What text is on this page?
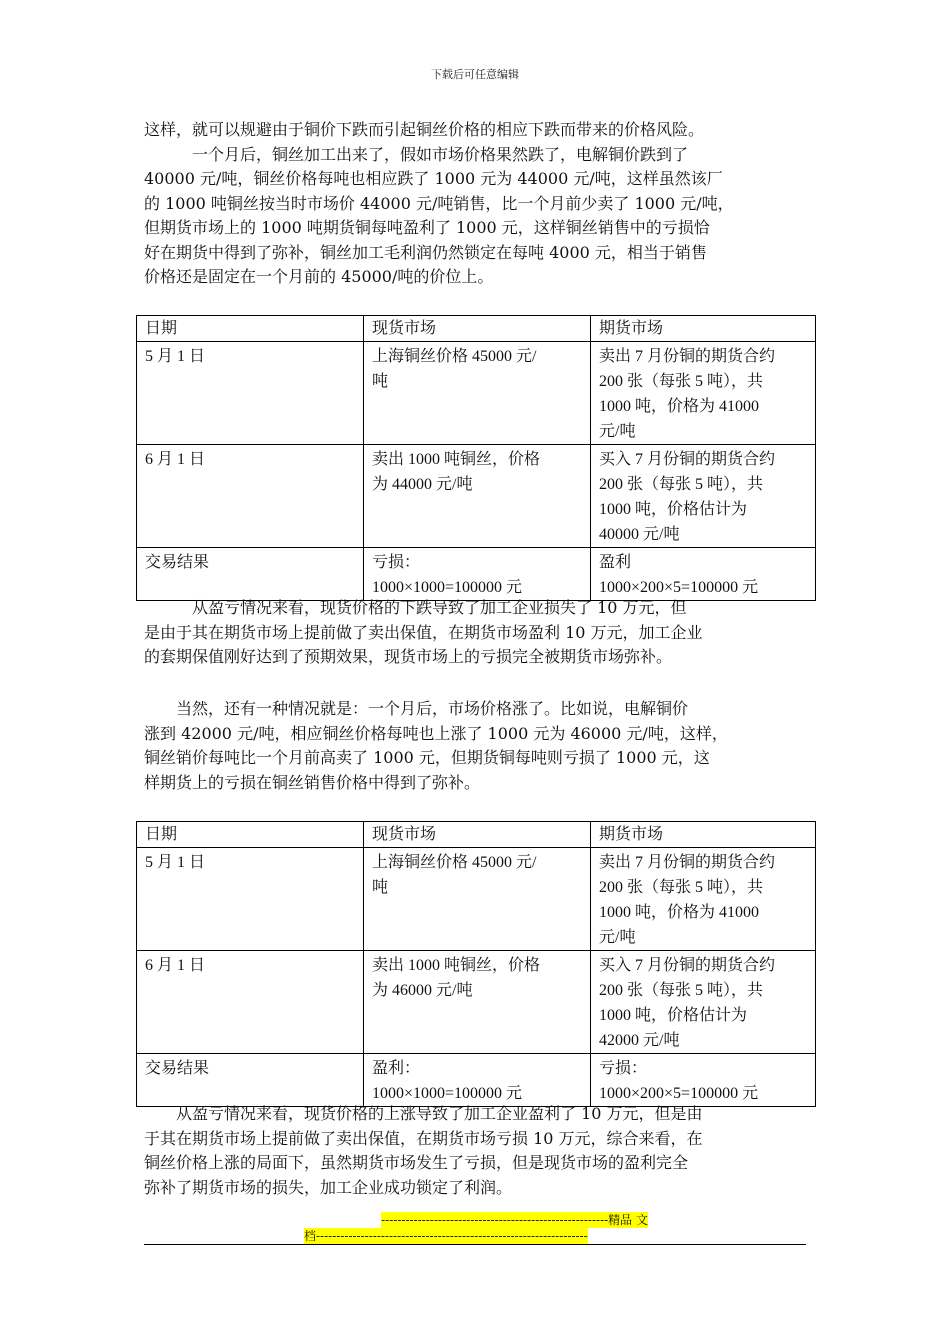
下载后可任意编辑
这样，就可以规避由于铜价下跌而引起铜丝价格的相应下跌而带来的价格风险。
　　　一个月后，铜丝加工出来了，假如市场价格果然跌了，电解铜价跌到了
40000 元/吨，铜丝价格每吨也相应跌了 1000 元为 44000 元/吨，这样虽然该厂
的 1000 吨铜丝按当时市场价 44000 元/吨销售，比一个月前少卖了 1000 元/吨，
但期货市场上的 1000 吨期货铜每吨盈利了 1000 元，这样铜丝销售中的亏损恰
好在期货中得到了弥补，铜丝加工毛利润仍然锁定在每吨 4000 元，相当于销售
价格还是固定在一个月前的 45000/吨的价位上。
日期	现货市场	期货市场
5 月 1 日	上海铜丝价格 45000 元/
吨	卖出 7 月份铜的期货合约
200 张（每张 5 吨），共
1000 吨，价格为 41000
元/吨

6 月 1 日	卖出 1000 吨铜丝，价格
为 44000 元/吨	买入 7 月份铜的期货合约
200 张（每张 5 吨），共
1000 吨，价格估计为
40000 元/吨

交易结果	亏损：
1000×1000=100000 元	盈利
1000×200×5=100000 元
　　　从盈亏情况来看，现货价格的下跌导致了加工企业损失了 10 万元，但
是由于其在期货市场上提前做了卖出保值，在期货市场盈利 10 万元，加工企业
的套期保值刚好达到了预期效果，现货市场上的亏损完全被期货市场弥补。
　　当然，还有一种情况就是：一个月后，市场价格涨了。比如说，电解铜价
涨到 42000 元/吨，相应铜丝价格每吨也上涨了 1000 元为 46000 元/吨，这样，
铜丝销价每吨比一个月前高卖了 1000 元，但期货铜每吨则亏损了 1000 元，这
样期货上的亏损在铜丝销售价格中得到了弥补。
日期	现货市场	期货市场
5 月 1 日	上海铜丝价格 45000 元/
吨	卖出 7 月份铜的期货合约
200 张（每张 5 吨），共
1000 吨，价格为 41000
元/吨

6 月 1 日	卖出 1000 吨铜丝，价格
为 46000 元/吨	买入 7 月份铜的期货合约
200 张（每张 5 吨），共
1000 吨，价格估计为
42000 元/吨

交易结果	盈利：
1000×1000=100000 元	亏损：
1000×200×5=100000 元
　　从盈亏情况来看，现货价格的上涨导致了加工企业盈利了 10 万元，但是由
于其在期货市场上提前做了卖出保值，在期货市场亏损 10 万元，综合来看，在
铜丝价格上涨的局面下，虽然期货市场发生了亏损，但是现货市场的盈利完全
弥补了期货市场的损失，加工企业成功锁定了利润。
--------------------------------------------------------精品 文
档-------------------------------------------------------------------
